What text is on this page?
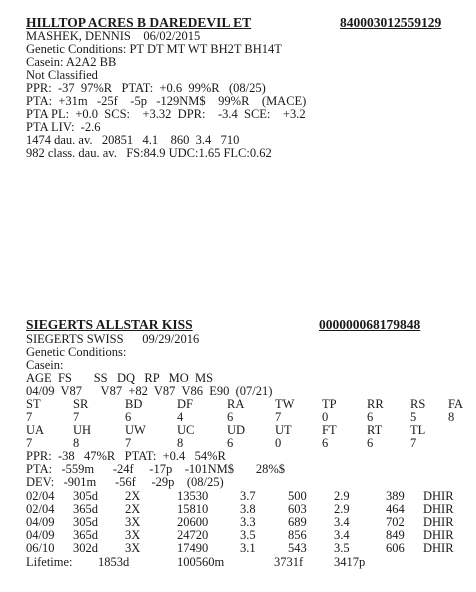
HILLTOP ACRES B DAREDEVIL ET	840003012559129
MASHEK, DENNIS    06/02/2015
Genetic Conditions: PT DT MT WT BH2T BH14T
Casein: A2A2 BB
Not Classified
PPR:  -37  97%R   PTAT:  +0.6  99%R   (08/25)
PTA:  +31m   -25f    -5p   -129NM$    99%R    (MACE)
PTA PL:  +0.0  SCS:    +3.32  DPR:    -3.4  SCE:    +3.2
PTA LIV:  -2.6
1474 dau. av.   20851   4.1    860  3.4   710
982 class. dau. av.   FS:84.9 UDC:1.65 FLC:0.62
SIEGERTS ALLSTAR KISS	000000068179848
SIEGERTS SWISS      09/29/2016
Genetic Conditions:
Casein:
AGE  FS       SS   DQ   RP   MO  MS
04/09  V87      V87  +82  V87  V86  E90  (07/21)
ST	SR	BD	DF	RA TW TP RR RS FA
7	7	6	4	6	7	0	6	5	8
UA UH	UW UC	UD UT FT RT TL
7	8	7	8	6	0	6	6	7
PPR:  -38   47%R   PTAT:  +0.4   54%R
PTA:   -559m      -24f     -17p    -101NM$       28%$
DEV:   -901m      -56f     -29p    (08/25)
02/04 305d 2X	13530	3.7	500 2.9	389 DHIR
02/04 365d 2X	15810	3.8	603 2.9	464 DHIR
04/09 305d 3X	20600	3.3	689 3.4	702 DHIR
04/09 365d 3X	24720	3.5	856 3.4	849 DHIR
06/10 302d 3X	17490	3.1	543 3.5	606 DHIR
Lifetime: 1853d	100560m	3731f 3417p
